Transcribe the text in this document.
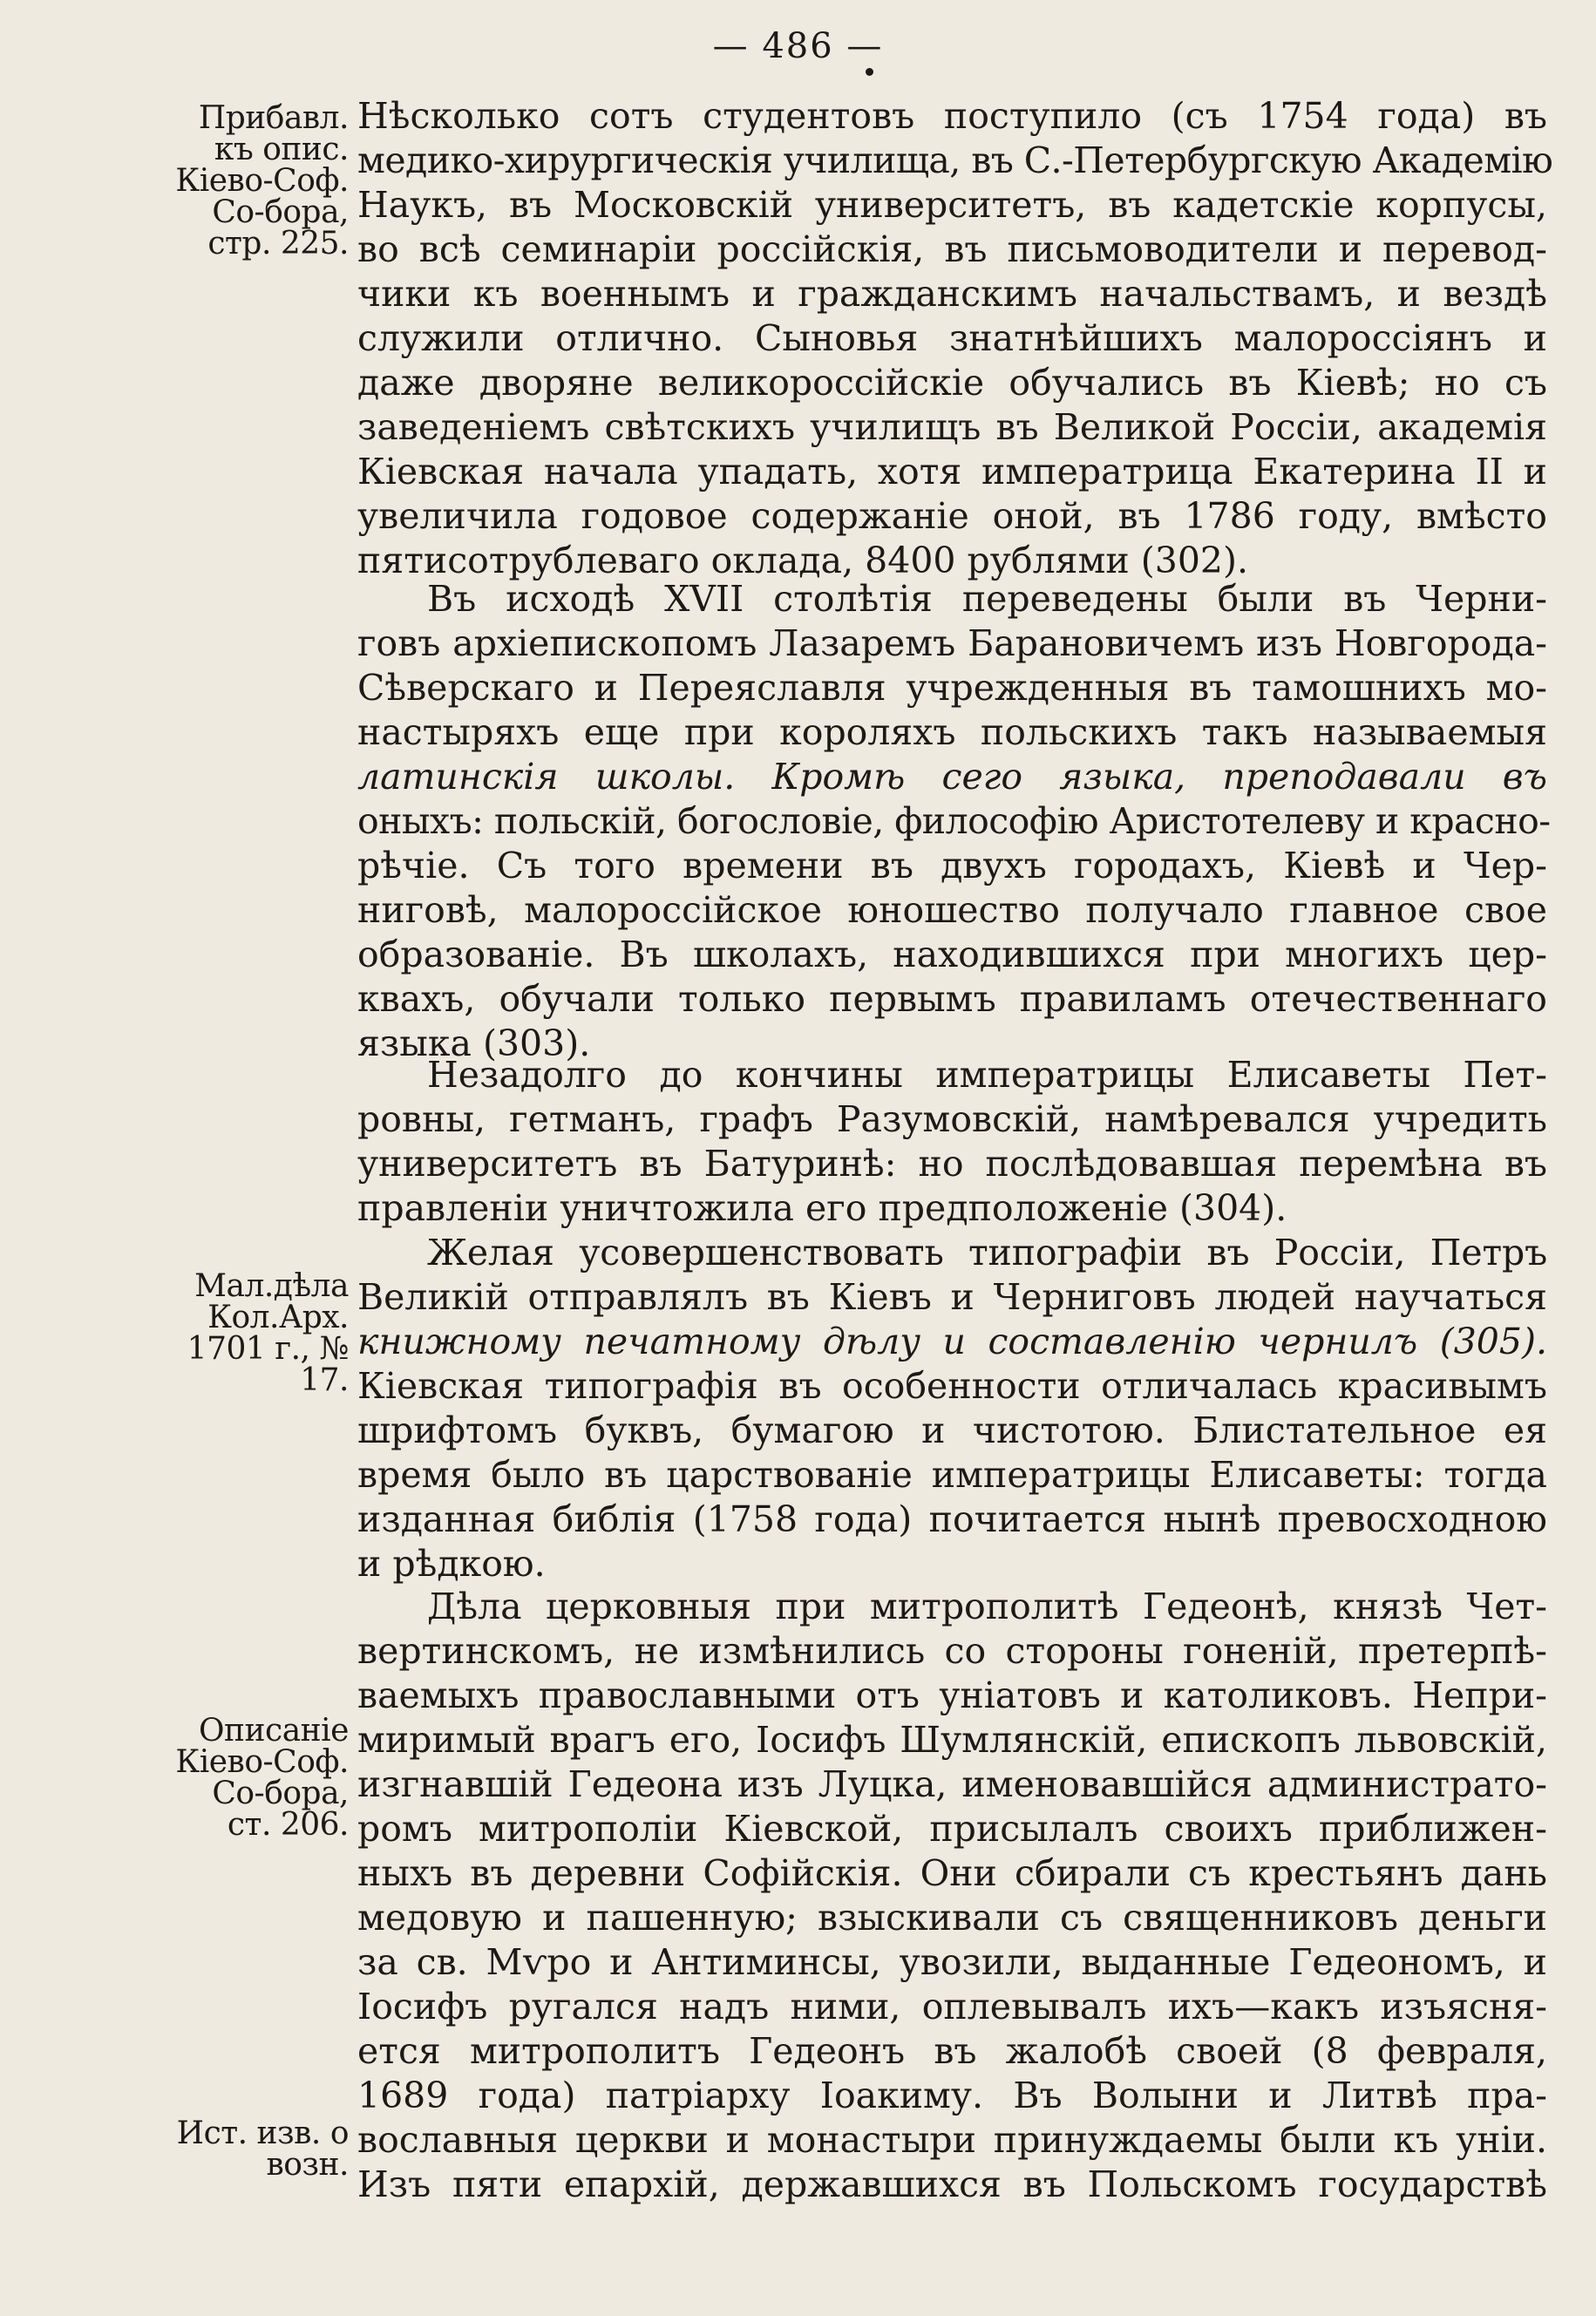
— 486 —
Нѣсколько сотъ студентовъ поступило (съ 1754 года) въ
медико-хирургическія училища, въ С.-Петербургскую Академію
Наукъ, въ Московскій университетъ, въ кадетскіе корпусы,
во всѣ семинаріи россійскія, въ письмоводители и перевод-
чики къ военнымъ и гражданскимъ начальствамъ, и вездѣ
служили отлично. Сыновья знатнѣйшихъ малороссіянъ и
даже дворяне великороссійскіе обучались въ Кіевѣ; но съ
заведеніемъ свѣтскихъ училищъ въ Великой Россіи, академія
Кіевская начала упадать, хотя императрица Екатерина II и
увеличила годовое содержаніе оной, въ 1786 году, вмѣсто
пятисотрублеваго оклада, 8400 рублями (302).
Прибавл. къ опис. Кіево-Соф. Со-бора, стр. 225.
Въ исходѣ XVII столѣтія переведены были въ Черни-
говъ архіепископомъ Лазаремъ Барановичемъ изъ Новгорода-
Сѣверскаго и Переяславля учрежденныя въ тамошнихъ мо-
настыряхъ еще при короляхъ польскихъ такъ называемыя
латинскія школы. Кромѣ сего языка, преподавали въ
оныхъ: польскій, богословіе, философію Аристотелеву и красно-
рѣчіе. Съ того времени въ двухъ городахъ, Кіевѣ и Чер-
ниговѣ, малороссійское юношество получало главное свое
образованіе. Въ школахъ, находившихся при многихъ цер-
квахъ, обучали только первымъ правиламъ отечественнаго
языка (303).
Незадолго до кончины императрицы Елисаветы Пет-
ровны, гетманъ, графъ Разумовскій, намѣревался учредить
университетъ въ Батуринѣ: но послѣдовавшая перемѣна въ
правленіи уничтожила его предположеніе (304).
Желая усовершенствовать типографіи въ Россіи, Петръ
Великій отправлялъ въ Кіевъ и Черниговъ людей научаться
книжному печатному дѣлу и составленію чернилъ (305).
Кіевская типографія въ особенности отличалась красивымъ
шрифтомъ буквъ, бумагою и чистотою. Блистательное ея
время было въ царствованіе императрицы Елисаветы: тогда
изданная библія (1758 года) почитается нынѣ превосходною
и рѣдкою.
Мал.дѣла Кол.Арх. 1701 г., № 17.
Дѣла церковныя при митрополитѣ Гедеонѣ, князѣ Чет-
вертинскомъ, не измѣнились со стороны гоненій, претерпѣ-
ваемыхъ православными отъ уніатовъ и католиковъ. Непри-
миримый врагъ его, Іосифъ Шумлянскій, епископъ львовскій,
изгнавшій Гедеона изъ Луцка, именовавшійся администрато-
ромъ митрополіи Кіевской, присылалъ своихъ приближен-
ныхъ въ деревни Софійскія. Они сбирали съ крестьянъ дань
медовую и пашенную; взыскивали съ священниковъ деньги
за св. Мѵро и Антиминсы, увозили, выданные Гедеономъ, и
Іосифъ ругался надъ ними, оплевывалъ ихъ—какъ изъясня-
ется митрополитъ Гедеонъ въ жалобѣ своей (8 февраля,
1689 года) патріарху Іоакиму. Въ Волыни и Литвѣ пра-
вославныя церкви и монастыри принуждаемы были къ уніи.
Изъ пяти епархій, державшихся въ Польскомъ государствѣ
Описаніе Кіево-Соф. Со-бора, ст. 206.
Ист. изв. о возн.
